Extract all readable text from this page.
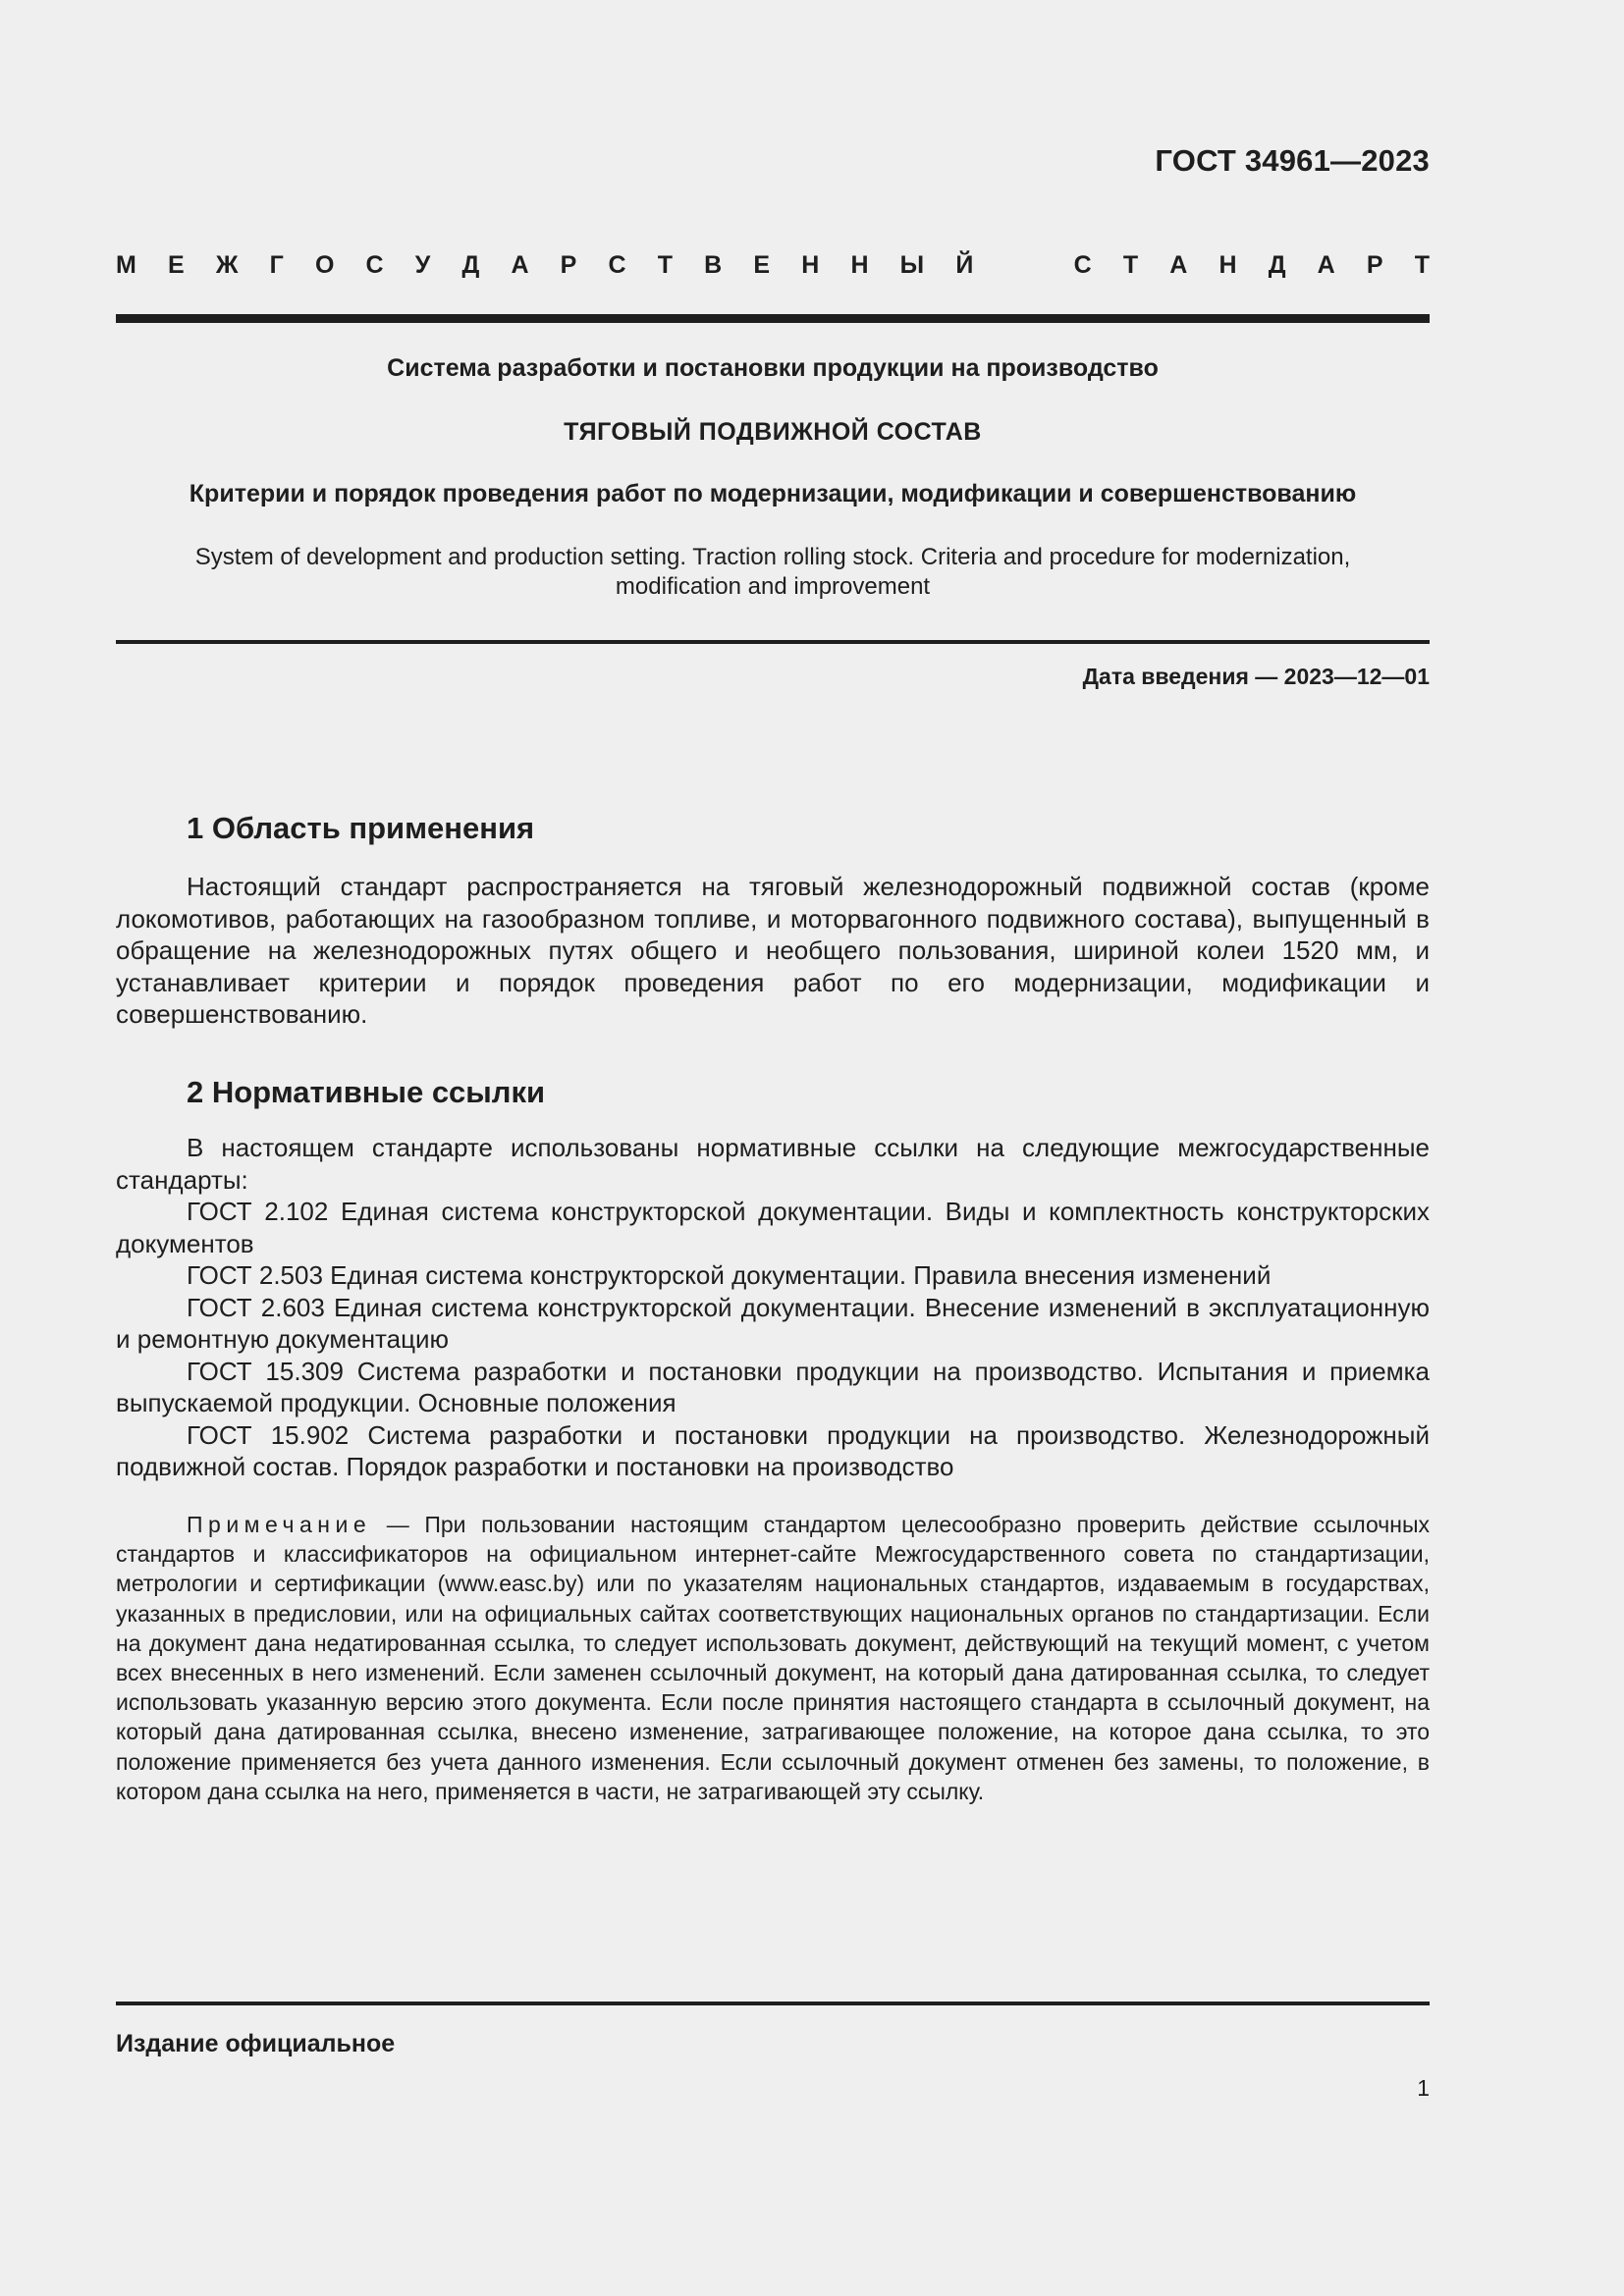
ГОСТ 34961—2023
М Е Ж Г О С У Д А Р С Т В Е Н Н Ы Й	С Т А Н Д А Р Т
Система разработки и постановки продукции на производство
ТЯГОВЫЙ ПОДВИЖНОЙ СОСТАВ
Критерии и порядок проведения работ по модернизации, модификации и совершенствованию
System of development and production setting. Traction rolling stock. Criteria and procedure for modernization, modification and improvement
Дата введения — 2023—12—01
1 Область применения
Настоящий стандарт распространяется на тяговый железнодорожный подвижной состав (кроме локомотивов, работающих на газообразном топливе, и моторвагонного подвижного состава), выпущенный в обращение на железнодорожных путях общего и необщего пользования, шириной колеи 1520 мм, и устанавливает критерии и порядок проведения работ по его модернизации, модификации и совершенствованию.
2 Нормативные ссылки

В настоящем стандарте использованы нормативные ссылки на следующие межгосударственные стандарты:

ГОСТ 2.102 Единая система конструкторской документации. Виды и комплектность конструкторских документов

ГОСТ 2.503 Единая система конструкторской документации. Правила внесения изменений

ГОСТ 2.603 Единая система конструкторской документации. Внесение изменений в эксплуатационную и ремонтную документацию

ГОСТ 15.309 Система разработки и постановки продукции на производство. Испытания и приемка выпускаемой продукции. Основные положения

ГОСТ 15.902 Система разработки и постановки продукции на производство. Железнодорожный подвижной состав. Порядок разработки и постановки на производство

Примечание — При пользовании настоящим стандартом целесообразно проверить действие ссылочных стандартов и классификаторов на официальном интернет-сайте Межгосударственного совета по стандартизации, метрологии и сертификации (www.easc.by) или по указателям национальных стандартов, издаваемым в государствах, указанных в предисловии, или на официальных сайтах соответствующих национальных органов по стандартизации. Если на документ дана недатированная ссылка, то следует использовать документ, действующий на текущий момент, с учетом всех внесенных в него изменений. Если заменен ссылочный документ, на который дана датированная ссылка, то следует использовать указанную версию этого документа. Если после принятия настоящего стандарта в ссылочный документ, на который дана датированная ссылка, внесено изменение, затрагивающее положение, на которое дана ссылка, то это положение применяется без учета данного изменения. Если ссылочный документ отменен без замены, то положение, в котором дана ссылка на него, применяется в части, не затрагивающей эту ссылку.
Издание официальное
1
